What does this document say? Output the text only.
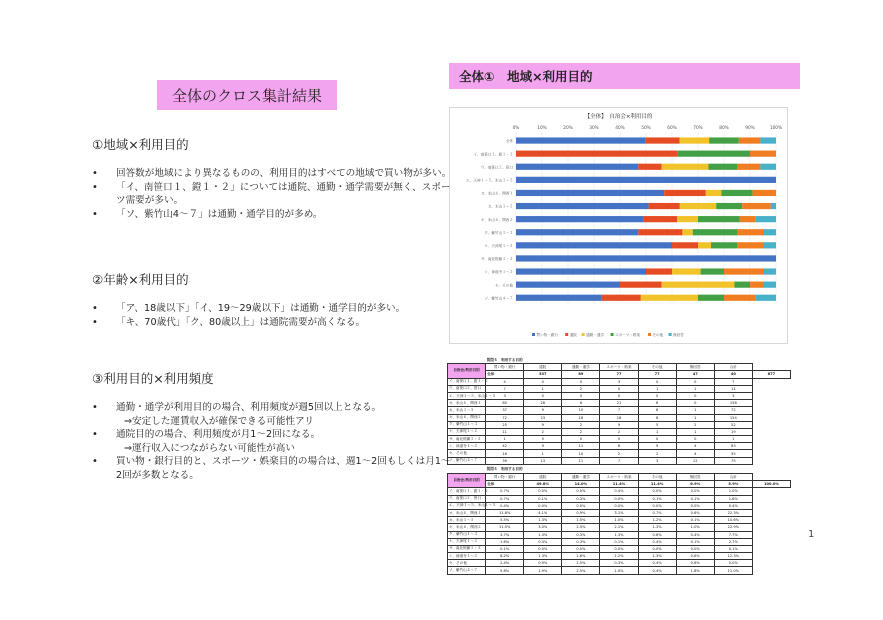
全体のクロス集計結果
①地域×利用目的
• 回答数が地域により異なるものの、利用目的はすべての地域で買い物が多い。
• 「イ、南笹口１、鐙１・２」については通院、通勤・通学需要が無く、スポーツ需要が多い。
• 「ソ、紫竹山4～７」は通勤・通学目的が多め。
②年齢×利用目的
• 「ア、18歳以下」「イ、19～29歳以下」は通勤・通学目的が多い。
• 「キ、70歳代」「ク、80歳以上」は通院需要が高くなる。
③利用目的×利用頻度
• 通勤・通学が利用目的の場合、利用頻度が週5回以上となる。
⇒安定した運賃収入が確保できる可能性アリ
• 通院目的の場合、利用頻度が月1～2回になる。
⇒運行収入につながらない可能性が高い
• 買い物・銀行目的と、スポーツ・娯楽目的の場合は、週1～2回もしくは月1～2回が多数となる。
全体①　地域×利用目的
【全体】　自治会×利用目的
0%	10%	20%	30%	40%	50%	60%	70%	80%	90%	100%
全体
イ、南笹口１、鐙１・２
ウ、南笹口２、笹口
エ、天神１～５、米山１～５
オ、米山６、関西１
カ、米山１～５
キ、米山６、関西２
ク、紫竹山１～３
ケ、天神尾１～２
サ、南北格雑１・２
シ、神道寺１～２
セ、その他
ソ、紫竹山４～７
買い物・銀行	通院	通勤・通学	スポーツ・娯楽	その他	無回答
	質問４　利用する目的							
自治会/利用目的	買い物・銀行	通院	通勤・通学	スポーツ・娯楽	その他	無回答	合計	
	全体	337	89	77	77	47	40	677
イ、南笹口１、鐙１・２	4	0	0	3	0	0	7	
ウ、南笹口２、笹口	7	1	2	0	1	1	11	
エ、天神１～５、米山１～５	3	0	0	0	0	0	3	
オ、米山６、関西１	80	28	6	21	6	0	158	
カ、米山１～５	37	9	10	7	8	1	72	
キ、米山６、関西２	72	23	18	18	8	1	154	
ク、紫竹山１～３	25	9	2	9	5	2	52	
ケ、天神尾１～２	11	2	2	2	1	1	19	
サ、南北格雑１・２	1	0	0	0	0	0	1	
シ、神道寺１～２	42	9	11	8	9	4	83	
セ、その他	16	1	10	2	2	4	35	
ソ、紫竹山４～７	39	13	11	7	3	12	75	
	質問４　利用する目的							
自治会/利用目的	買い物・銀行	通院	通勤・通学	スポーツ・娯楽	その他	無回答	合計	
	全体	49.8%	14.0%	11.4%	11.4%	6.9%	5.9%	100.0%
イ、南笹口１、鐙１・２	0.7%	0.0%	0.0%	0.4%	0.0%	0.0%	1.0%	
ウ、南笹口２、笹口	0.7%	0.1%	0.3%	0.0%	0.1%	0.1%	1.6%	
エ、天神１～５、米山１～５	0.4%	0.0%	0.0%	0.0%	0.0%	0.0%	0.4%	
オ、米山６、関西１	11.8%	4.1%	0.9%	3.1%	0.7%	0.6%	22.3%	
カ、米山１～５	5.5%	1.3%	1.5%	1.0%	1.2%	0.1%	10.6%	
キ、米山６、関西２	11.5%	3.0%	2.5%	2.1%	1.3%	1.0%	22.9%	
ク、紫竹山１～３	3.7%	1.3%	0.3%	1.3%	0.6%	0.4%	7.7%	
ケ、天神尾１～２	1.6%	0.3%	0.3%	0.1%	0.4%	0.1%	2.7%	
サ、南北格雑１・２	0.1%	0.0%	0.0%	0.0%	0.0%	0.0%	0.1%	
シ、神道寺１～２	6.2%	1.3%	1.6%	1.2%	1.3%	0.6%	12.3%	
セ、その他	2.4%	0.9%	1.5%	0.3%	0.4%	0.6%	5.0%	
ソ、紫竹山４～７	5.8%	1.9%	2.5%	1.0%	0.4%	1.8%	11.0%	
1
